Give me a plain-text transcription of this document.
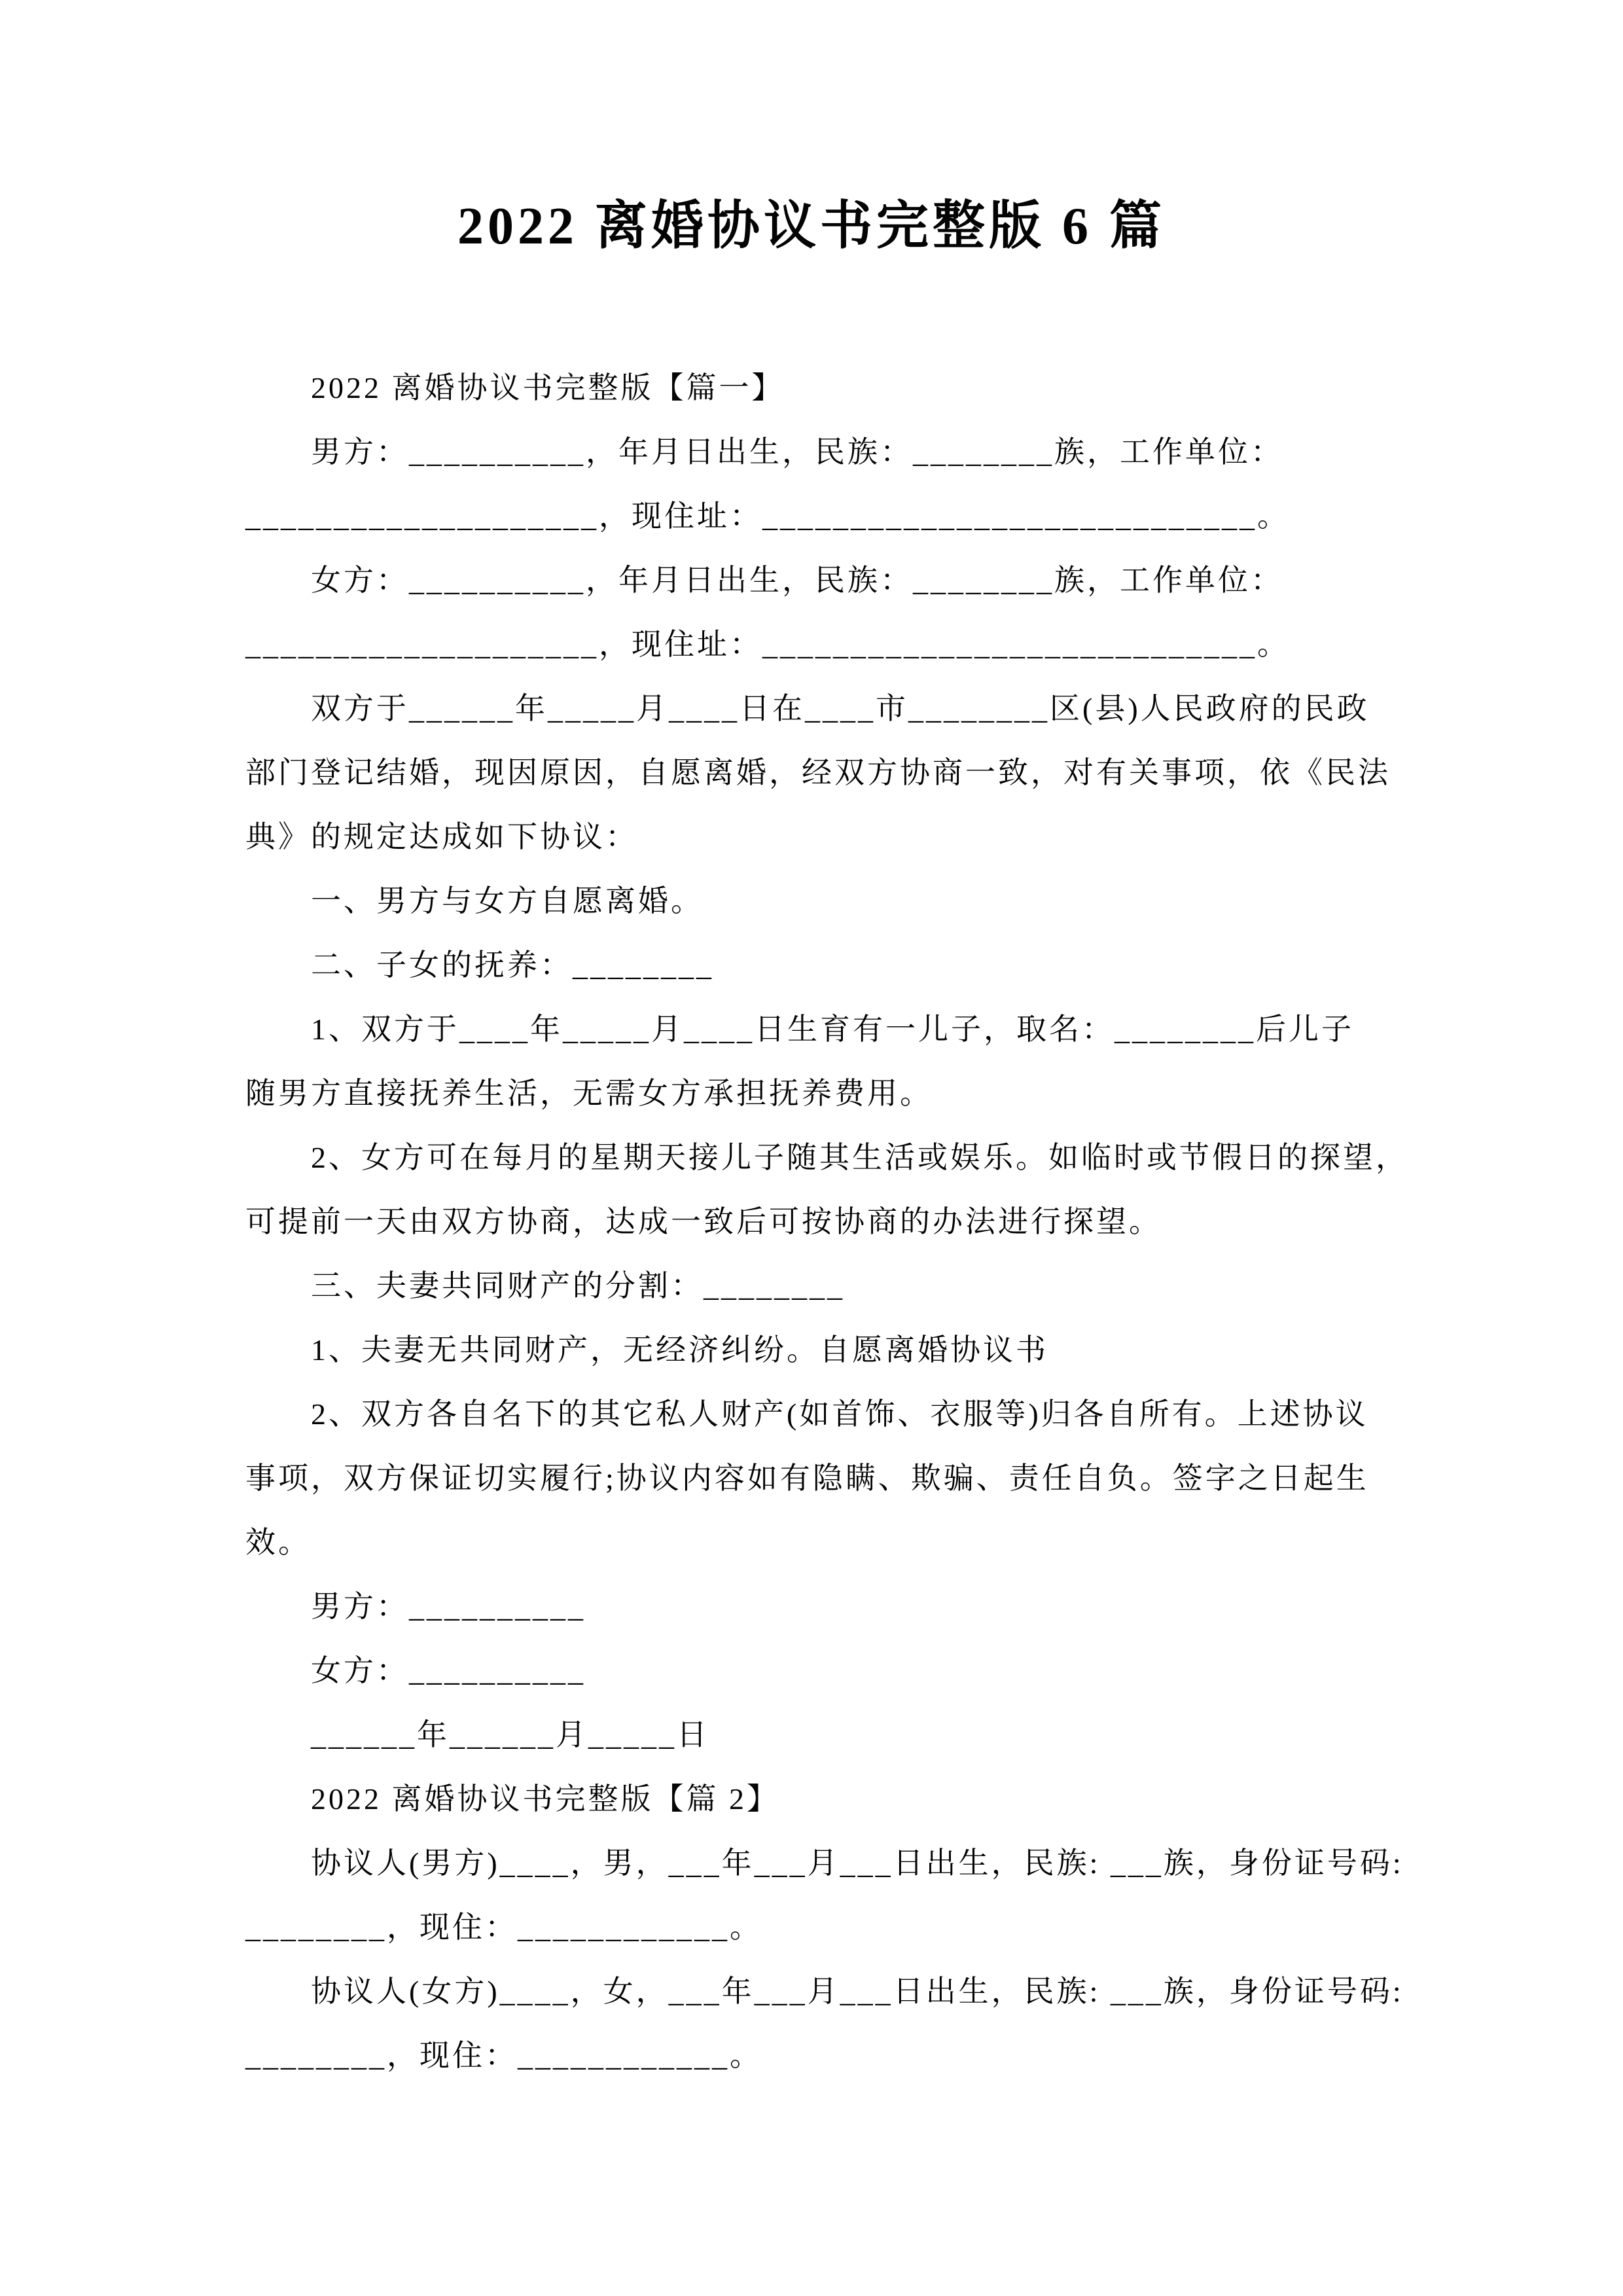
2022 离婚协议书完整版 6 篇
2022 离婚协议书完整版【篇一】
男方：__________，年月日出生，民族：________族，工作单位：
____________________，现住址：____________________________。
女方：__________，年月日出生，民族：________族，工作单位：
____________________，现住址：____________________________。
双方于______年_____月____日在____市________区(县)人民政府的民政
部门登记结婚，现因原因，自愿离婚，经双方协商一致，对有关事项，依《民法
典》的规定达成如下协议：
一、男方与女方自愿离婚。
二、子女的抚养：________
1、双方于____年_____月____日生育有一儿子，取名：________后儿子
随男方直接抚养生活，无需女方承担抚养费用。
2、女方可在每月的星期天接儿子随其生活或娱乐。如临时或节假日的探望，
可提前一天由双方协商，达成一致后可按协商的办法进行探望。
三、夫妻共同财产的分割：________
1、夫妻无共同财产，无经济纠纷。自愿离婚协议书
2、双方各自名下的其它私人财产(如首饰、衣服等)归各自所有。上述协议
事项，双方保证切实履行;协议内容如有隐瞒、欺骗、责任自负。签字之日起生
效。
男方：__________
女方：__________
______年______月_____日
2022 离婚协议书完整版【篇 2】
协议人(男方)____，男，___年___月___日出生，民族: ___族，身份证号码:
________，现住：____________。
协议人(女方)____，女，___年___月___日出生，民族: ___族，身份证号码:
________，现住：____________。
